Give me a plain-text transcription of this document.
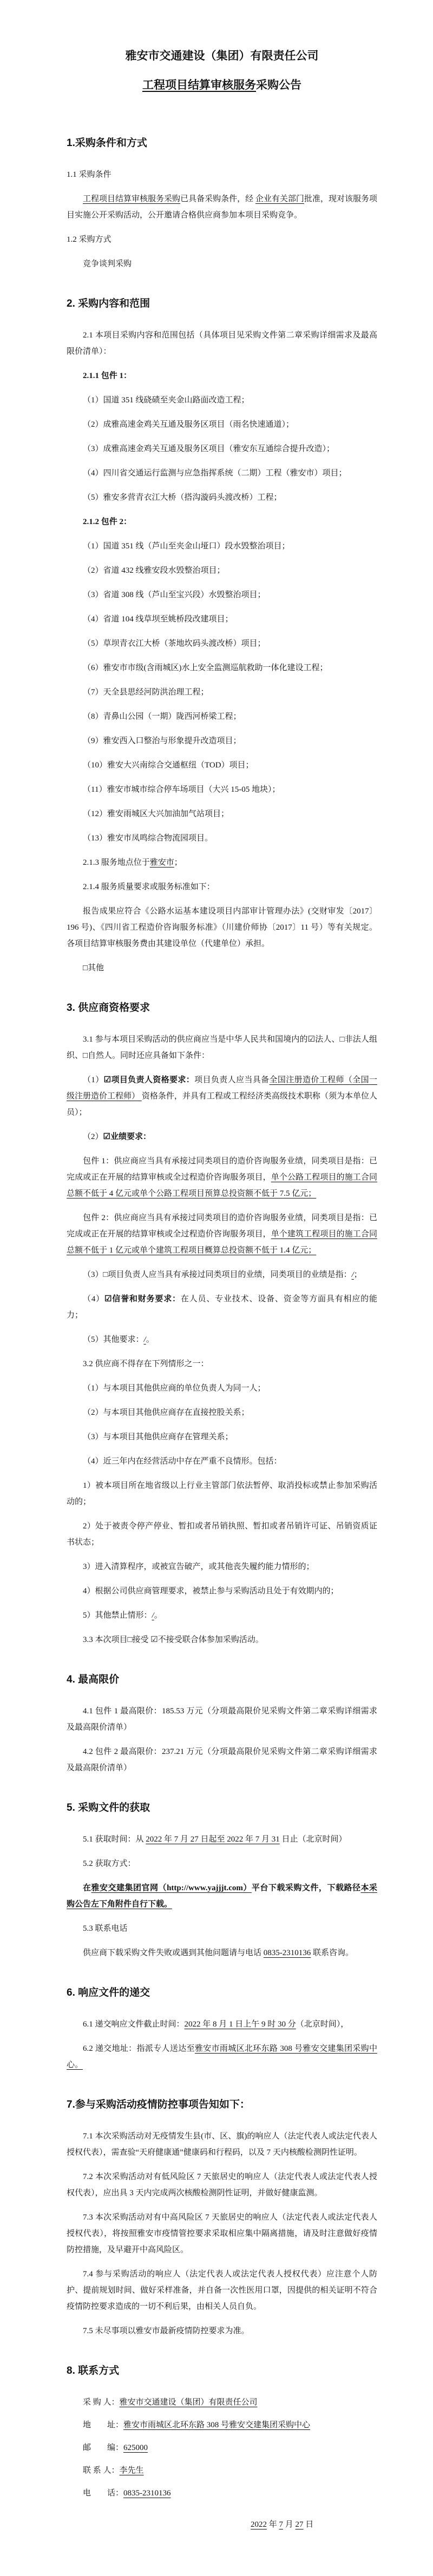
雅安市交通建设（集团）有限责任公司
工程项目结算审核服务采购公告
1.采购条件和方式

1.1 采购条件

工程项目结算审核服务采购已具备采购条件，经 企业有关部门批准，现对该服务项目实施公开采购活动，公开邀请合格供应商参加本项目采购竞争。

1.2 采购方式

竞争谈判采购

2. 采购内容和范围

2.1 本项目采购内容和范围包括（具体项目见采购文件第二章采购详细需求及最高限价清单）：

2.1.1 包件 1：

（1）国道 351 线硗碛至夹金山路面改造工程；

（2）成雅高速金鸡关互通及服务区项目（雨名快速通道）；

（3）成雅高速金鸡关互通及服务区项目（雅安东互通综合提升改造）；

（4）四川省交通运行监测与应急指挥系统（二期）工程（雅安市）项目；

（5）雅安多营青衣江大桥（搭沟漩码头渡改桥）工程；

2.1.2 包件 2：

（1）国道 351 线（芦山至夹金山垭口）段水毁整治项目；

（2）省道 432 线雅安段水毁整治项目；

（3）省道 308 线（芦山至宝兴段）水毁整治项目；

（4）省道 104 线草坝至姚桥段改建项目；

（5）草坝青衣江大桥（茶地坎码头渡改桥）项目；

（6）雅安市市级(含雨城区)水上安全监测巡航救助一体化建设工程；

（7）天全县思经河防洪治理工程；

（8）青鼻山公园（一期）陇西河桥梁工程；

（9）雅安西入口整治与形象提升改造项目；

（10）雅安大兴南综合交通枢纽（TOD）项目；

（11）雅安市城市综合停车场项目（大兴 15-05 地块）；

（12）雅安雨城区大兴加油加气站项目；

（13）雅安市凤鸣综合物流园项目。

2.1.3 服务地点位于雅安市；

2.1.4 服务质量要求或服务标准如下：

报告成果应符合《公路水运基本建设项目内部审计管理办法》(交财审发〔2017〕196 号)、《四川省工程造价咨询服务标准》（川建价师协〔2017〕11 号）等有关规定。各项目结算审核服务费由其建设单位（代建单位）承担。

□其他

3. 供应商资格要求

3.1 参与本项目采购活动的供应商应当是中华人民共和国境内的☑法人、□非法人组织、□自然人。同时还应具备如下条件：

（1）☑项目负责人资格要求：项目负责人应当具备全国注册造价工程师（全国一级注册造价工程师） 资格条件，并具有工程或工程经济类高级技术职称（须为本单位人员）；

（2）☑业绩要求：

包件 1：供应商应当具有承接过同类项目的造价咨询服务业绩，同类项目是指：已完成或正在开展的结算审核或全过程造价咨询服务项目，单个公路工程项目的施工合同总额不低于 4 亿元或单个公路工程项目预算总投资额不低于 7.5 亿元；

包件 2：供应商应当具有承接过同类项目的造价咨询服务业绩，同类项目是指：已完成或正在开展的结算审核或全过程造价咨询服务项目，单个建筑工程项目的施工合同总额不低于 1 亿元或单个建筑工程项目概算总投资额不低于 1.4 亿元；

（3）□项目负责人应当具有承接过同类项目的业绩，同类项目的业绩是指：/；

（4）☑信誉和财务要求：在人员、专业技术、设备、资金等方面具有相应的能力；

（5）其他要求：/。

3.2 供应商不得存在下列情形之一：

（1）与本项目其他供应商的单位负责人为同一人；

（2）与本项目其他供应商存在直接控股关系；

（3）与本项目其他供应商存在管理关系；

（4）近三年内在经营活动中存在严重不良情形。包括：

1）被本项目所在地省级以上行业主管部门依法暂停、取消投标或禁止参加采购活动的；

2）处于被责令停产停业、暂扣或者吊销执照、暂扣或者吊销许可证、吊销资质证书状态；

3）进入清算程序，或被宣告破产，或其他丧失履约能力情形的；

4）根据公司供应商管理要求，被禁止参与采购活动且处于有效期内的；

5）其他禁止情形：/。

3.3 本次项目□接受 ☑不接受联合体参加采购活动。

4. 最高限价

4.1 包件 1 最高限价：185.53 万元（分项最高限价见采购文件第二章采购详细需求及最高限价清单）

4.2 包件 2 最高限价：237.21 万元（分项最高限价见采购文件第二章采购详细需求及最高限价清单）

5. 采购文件的获取

5.1 获取时间：从 2022 年 7 月 27 日起至 2022 年 7 月 31 日止（北京时间）

5.2 获取方式：

在雅安交建集团官网（http://www.yajjjt.com）平台下载采购文件，下载路径本采购公告左下角附件自行下载。

5.3 联系电话

供应商下载采购文件失败或遇到其他问题请与电话 0835-2310136 联系咨询。

6. 响应文件的递交

6.1 递交响应文件截止时间：2022 年 8 月 1 日上午 9 时 30 分（北京时间），

6.2 递交地址：指派专人送达至雅安市雨城区北环东路 308 号雅安交建集团采购中心。

7.参与采购活动疫情防控事项告知如下：

7.1 本次采购活动对无疫情发生县(市、区、旗)的响应人（法定代表人或法定代表人授权代表），需查验“天府健康通”健康码和行程码，以及 7 天内核酸检测阴性证明。

7.2 本次采购活动对有低风险区 7 天旅居史的响应人（法定代表人或法定代表人授权代表），应出具 3 天内完成两次核酸检测阴性证明，并做好健康监测。

7.3 本次采购活动对有中高风险区 7 天旅居史的响应人（法定代表人或法定代表人授权代表），将按照雅安市疫情管控要求采取相应集中隔离措施，请及时注意做好疫情防控措施，及早避开中高风险区。

7.4 参与采购活动的响应人（法定代表人或法定代表人授权代表）应注意个人防护、提前规划时间、做好采样准备，并自备一次性医用口罩，因提供的相关证明不符合疫情防控要求造成的一切不利后果，由相关人员自负。

7.5 未尽事项以雅安市最新疫情防控要求为准。

8. 联系方式

采 购 人：雅安市交通建设（集团）有限责任公司

地　　址：雅安市雨城区北环东路 308 号雅安交建集团采购中心

邮　　编：625000

联 系 人：李先生

电　　话：0835-2310136

2022 年 7 月 27 日
